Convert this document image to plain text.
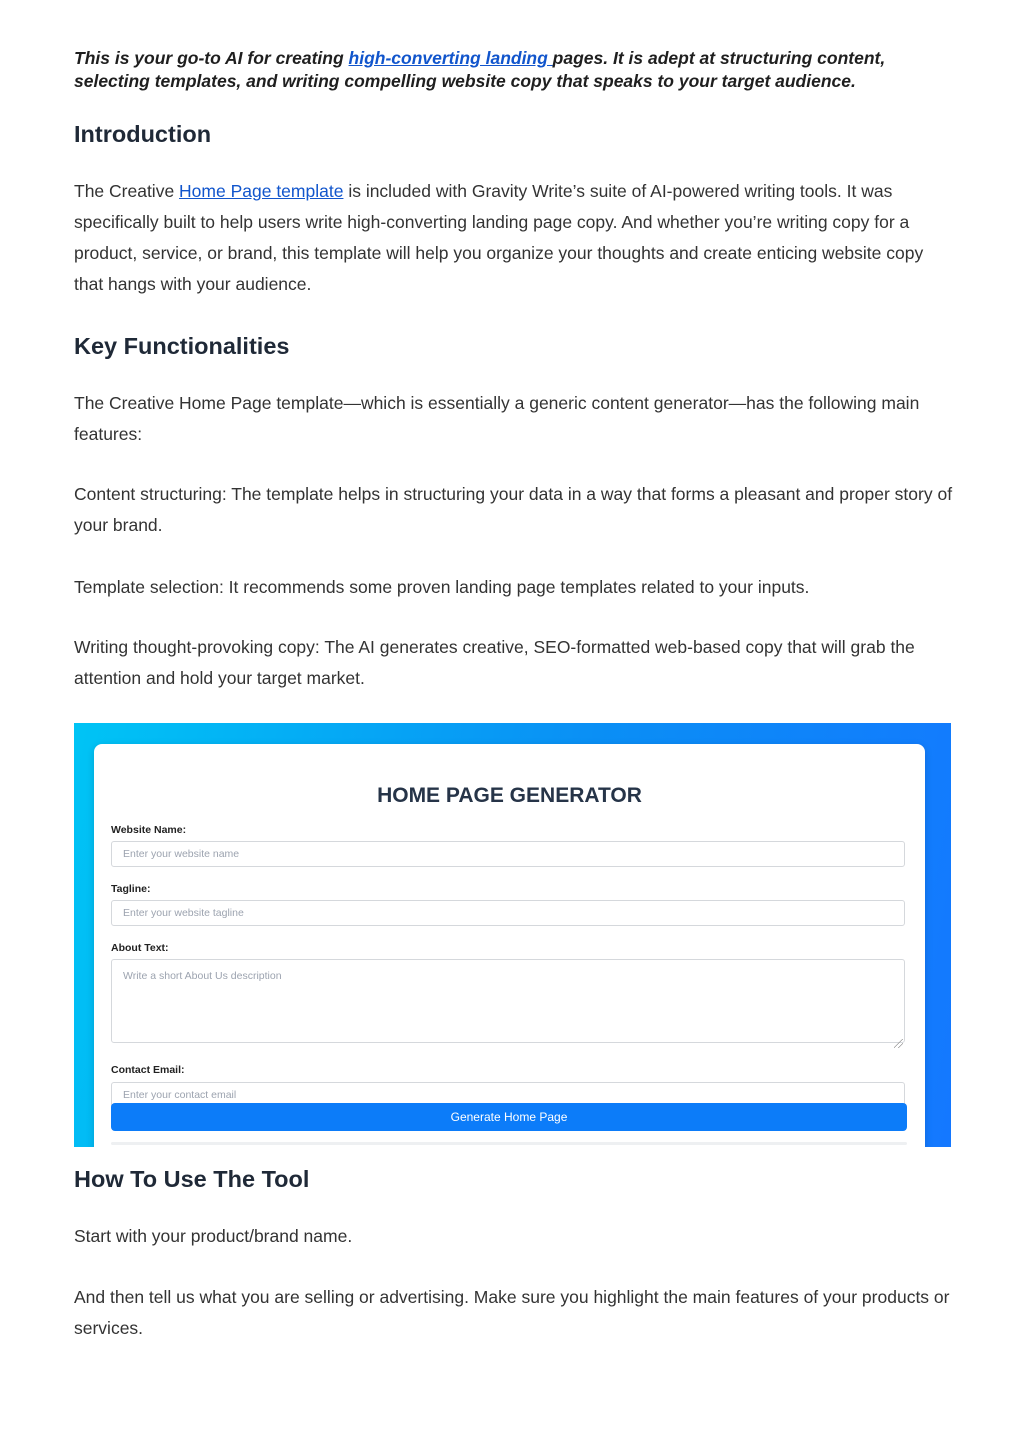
This is your go-to AI for creating high-converting landing pages. It is adept at structuring content, selecting templates, and writing compelling website copy that speaks to your target audience.

Introduction

The Creative Home Page template is included with Gravity Write’s suite of AI-powered writing tools. It was specifically built to help users write high-converting landing page copy. And whether you’re writing copy for a product, service, or brand, this template will help you organize your thoughts and create enticing website copy that hangs with your audience.

Key Functionalities

The Creative Home Page template—which is essentially a generic content generator—has the following main features:

Content structuring: The template helps in structuring your data in a way that forms a pleasant and proper story of your brand.

Template selection: It recommends some proven landing page templates related to your inputs.

Writing thought-provoking copy: The AI generates creative, SEO-formatted web-based copy that will grab the attention and hold your target market.

How To Use The Tool

Start with your product/brand name.

And then tell us what you are selling or advertising. Make sure you highlight the main features of your products or services.

HOME PAGE GENERATOR
Website Name:
Enter your website name
Tagline:
Enter your website tagline
About Text:
Write a short About Us description
Contact Email:
Enter your contact email
Generate Home Page
